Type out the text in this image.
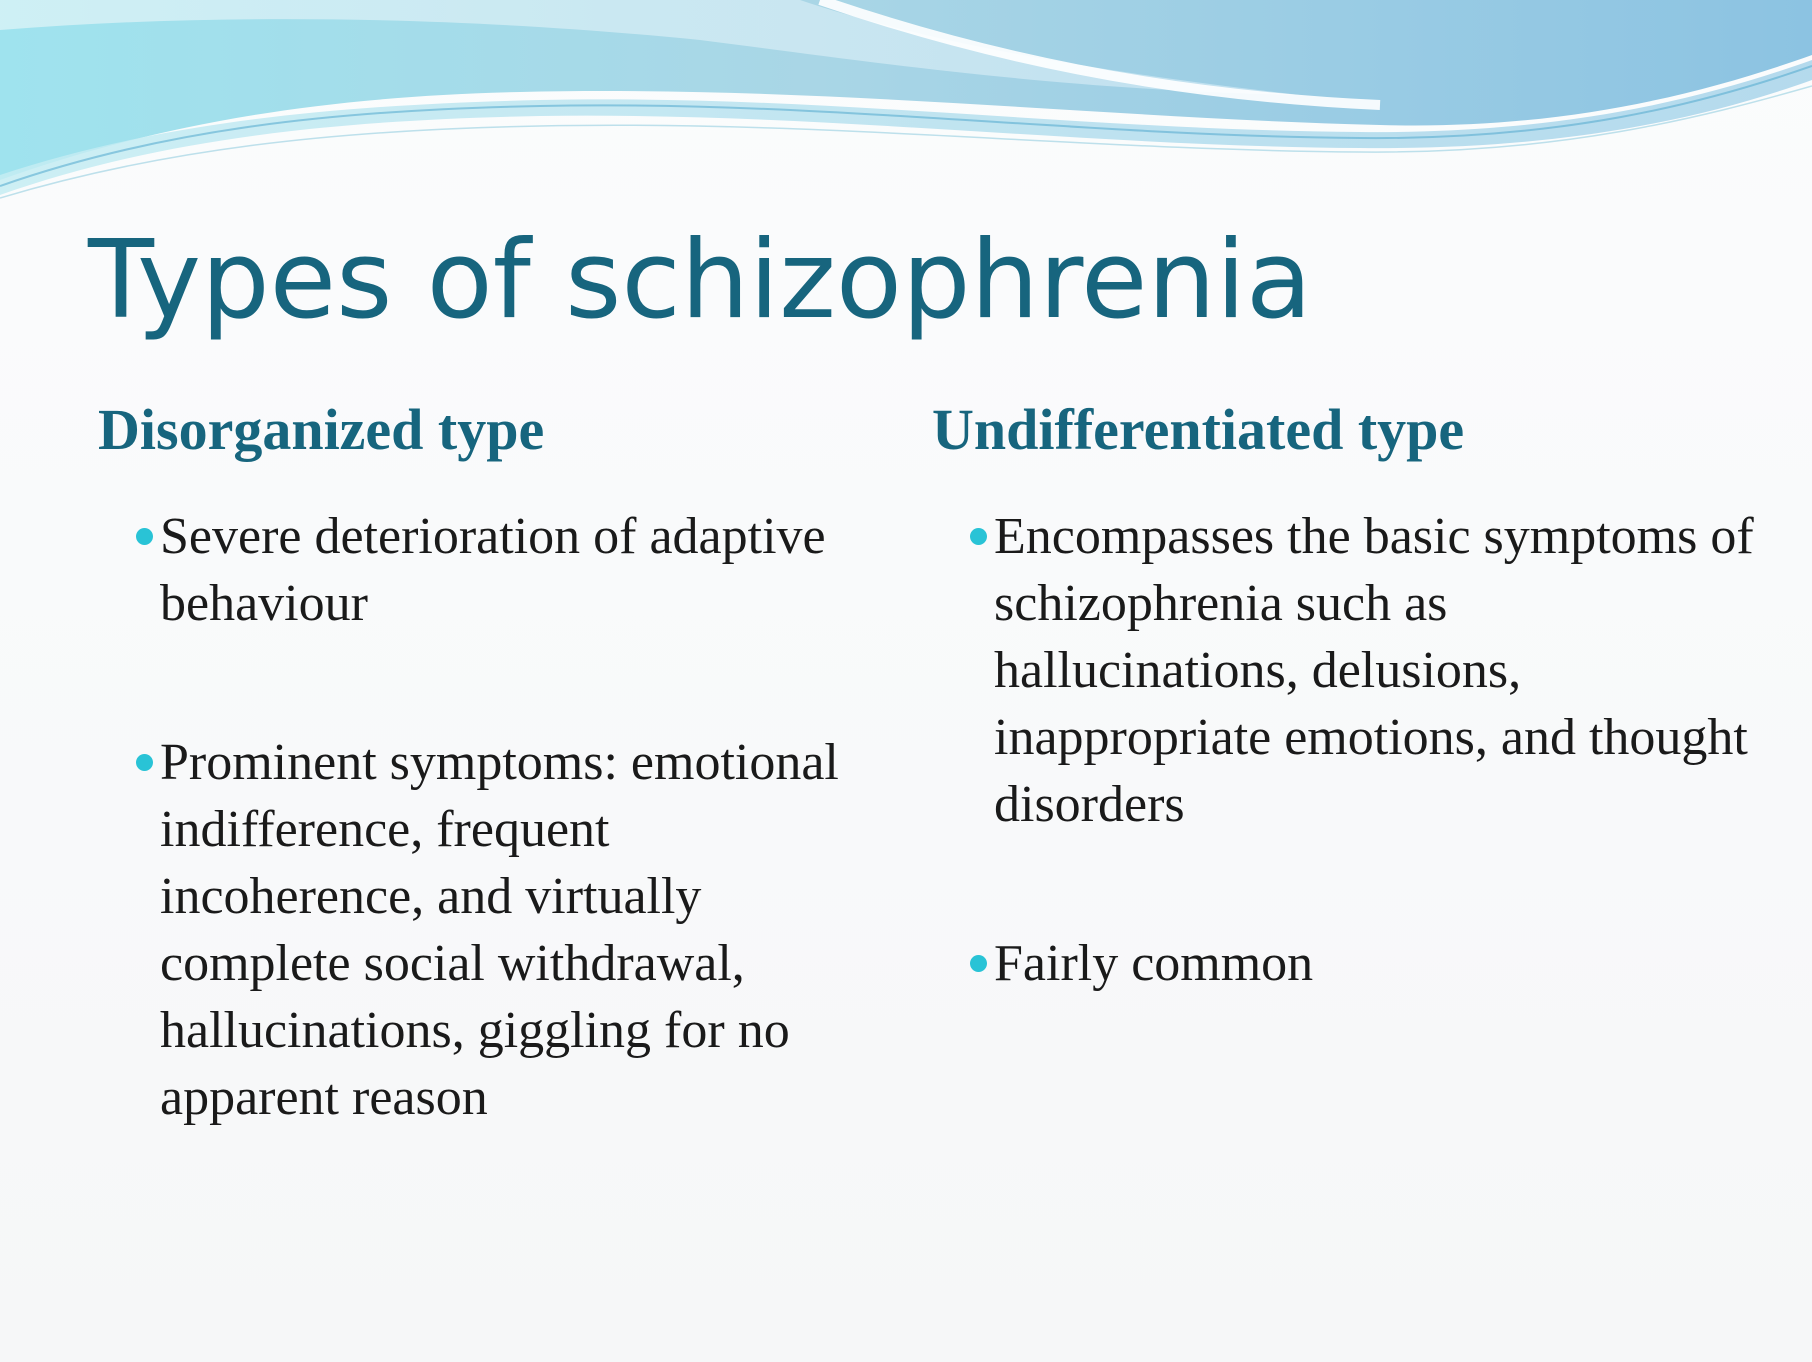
Types of schizophrenia
Disorganized type
Severe deterioration of adaptive behaviour
Prominent symptoms: emotional indifference, frequent incoherence, and virtually complete social withdrawal, hallucinations, giggling for no apparent reason
Undifferentiated type
Encompasses the basic symptoms of schizophrenia such as hallucinations, delusions, inappropriate emotions, and thought disorders
Fairly common
